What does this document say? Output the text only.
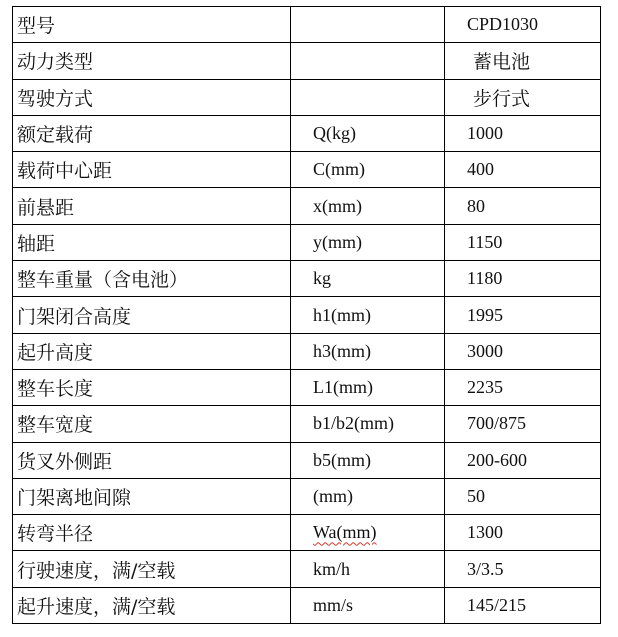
型号		CPD1030
动力类型		蓄电池
驾驶方式		步行式
额定载荷	Q(kg)	1000
载荷中心距	C(mm)	400
前悬距	x(mm)	80
轴距	y(mm)	1150
整车重量（含电池）	kg	1180
门架闭合高度	h1(mm)	1995
起升高度	h3(mm)	3000
整车长度	L1(mm)	2235
整车宽度	b1/b2(mm)	700/875
货叉外侧距	b5(mm)	200-600
门架离地间隙	(mm)	50
转弯半径	Wa(mm)	1300
行驶速度，满/空载	km/h	3/3.5
起升速度，满/空载	mm/s	145/215
